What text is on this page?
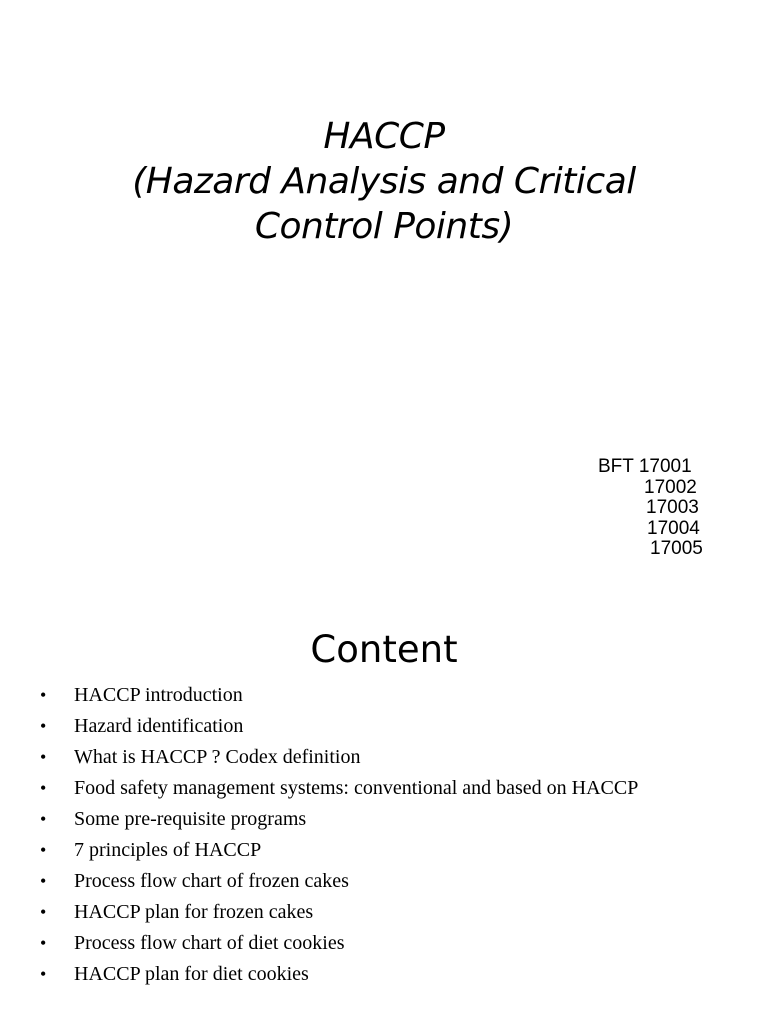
HACCP
(Hazard Analysis and Critical
Control Points)
BFT 17001
17002
17003
17004
17005
Content
•	HACCP introduction
•	Hazard identification
•	What is HACCP ? Codex definition
•	Food safety management systems: conventional and based on HACCP
•	Some pre-requisite programs
•	7 principles of HACCP
•	Process flow chart of frozen cakes
•	HACCP plan for frozen cakes
•	Process flow chart of diet cookies
•	HACCP plan for diet cookies
